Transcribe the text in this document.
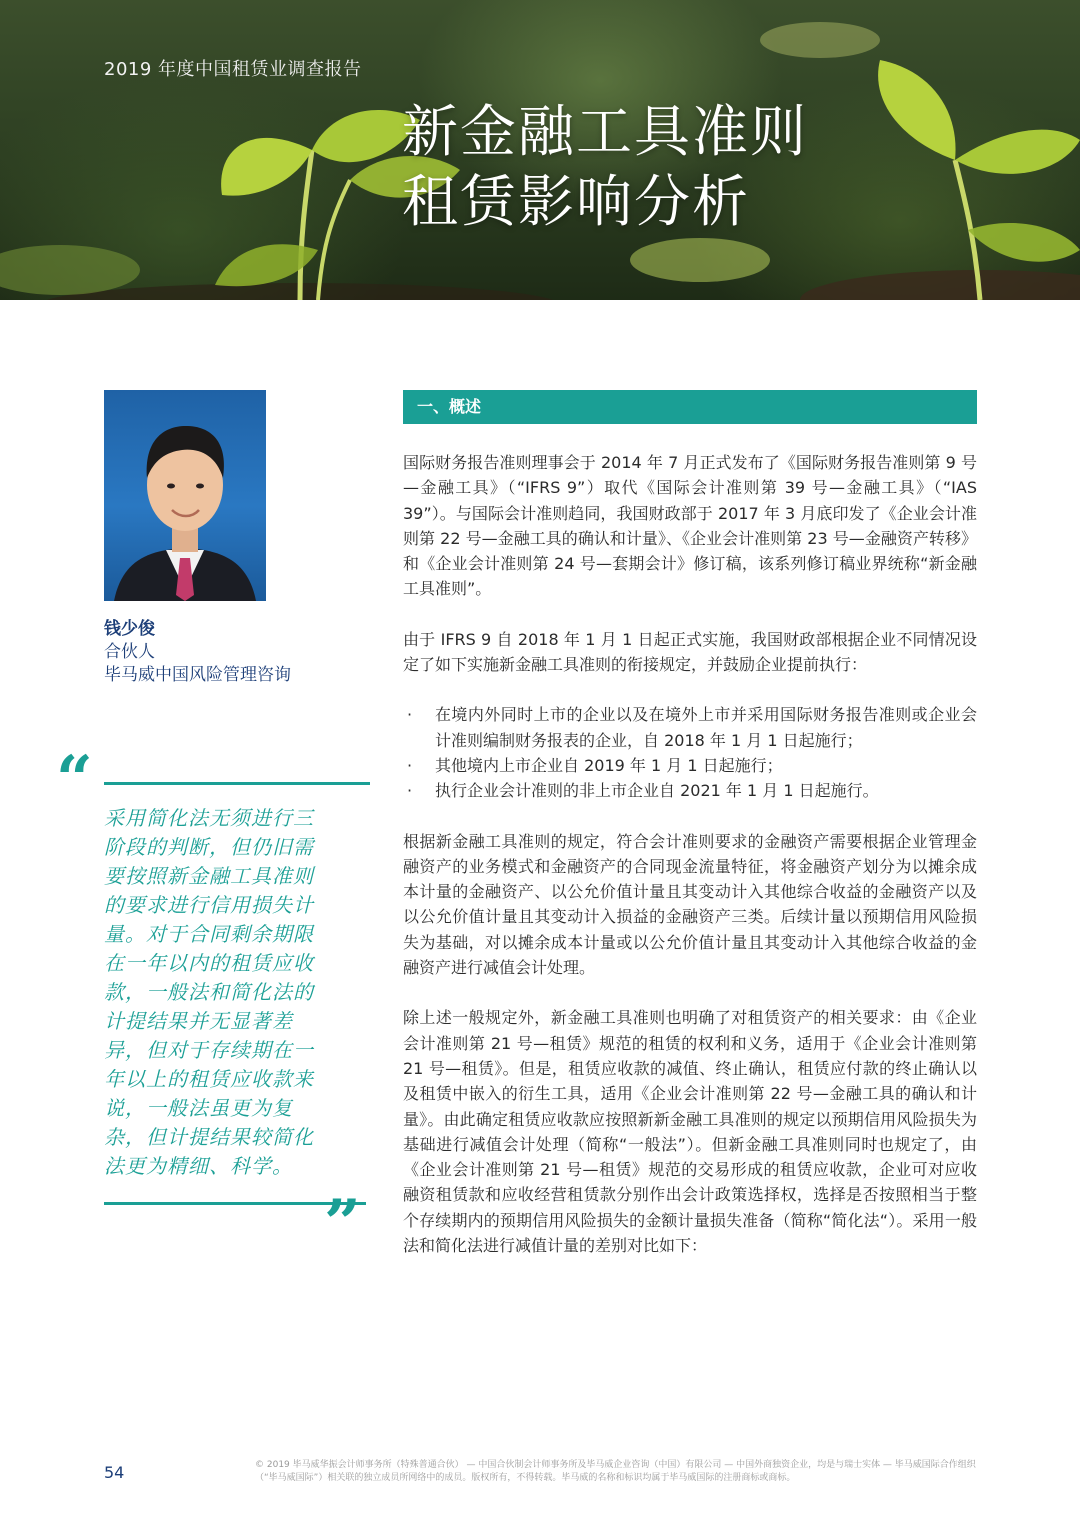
2019 年度中国租赁业调查报告
新金融工具准则
租赁影响分析
钱少俊
合伙人
毕马威中国风险管理咨询
“
采用简化法无须进行三阶段的判断，但仍旧需要按照新金融工具准则的要求进行信用损失计量。对于合同剩余期限在一年以内的租赁应收款，一般法和简化法的计提结果并无显著差异，但对于存续期在一年以上的租赁应收款来说，一般法虽更为复杂，但计提结果较简化法更为精细、科学。
”
一、概述

国际财务报告准则理事会于 2014 年 7 月正式发布了《国际财务报告准则第 9 号—金融工具》（“IFRS 9”）取代《国际会计准则第 39 号—金融工具》（“IAS 39”）。与国际会计准则趋同，我国财政部于 2017 年 3 月底印发了《企业会计准则第 22 号—金融工具的确认和计量》、《企业会计准则第 23 号—金融资产转移》和《企业会计准则第 24 号—套期会计》修订稿，该系列修订稿业界统称“新金融工具准则”。

由于 IFRS 9 自 2018 年 1 月 1 日起正式实施，我国财政部根据企业不同情况设定了如下实施新金融工具准则的衔接规定，并鼓励企业提前执行：

· 在境内外同时上市的企业以及在境外上市并采用国际财务报告准则或企业会计准则编制财务报表的企业，自 2018 年 1 月 1 日起施行；
· 其他境内上市企业自 2019 年 1 月 1 日起施行；
· 执行企业会计准则的非上市企业自 2021 年 1 月 1 日起施行。

根据新金融工具准则的规定，符合会计准则要求的金融资产需要根据企业管理金融资产的业务模式和金融资产的合同现金流量特征，将金融资产划分为以摊余成本计量的金融资产、以公允价值计量且其变动计入其他综合收益的金融资产以及以公允价值计量且其变动计入损益的金融资产三类。后续计量以预期信用风险损失为基础，对以摊余成本计量或以公允价值计量且其变动计入其他综合收益的金融资产进行减值会计处理。

除上述一般规定外，新金融工具准则也明确了对租赁资产的相关要求：由《企业会计准则第 21 号—租赁》规范的租赁的权利和义务，适用于《企业会计准则第 21 号—租赁》。但是，租赁应收款的减值、终止确认，租赁应付款的终止确认以及租赁中嵌入的衍生工具，适用《企业会计准则第 22 号—金融工具的确认和计量》。由此确定租赁应收款应按照新新金融工具准则的规定以预期信用风险损失为基础进行减值会计处理（简称“一般法”）。但新金融工具准则同时也规定了，由《企业会计准则第 21 号—租赁》规范的交易形成的租赁应收款，企业可对应收融资租赁款和应收经营租赁款分别作出会计政策选择权，选择是否按照相当于整个存续期内的预期信用风险损失的金额计量损失准备（简称“简化法“）。采用一般法和简化法进行减值计量的差别对比如下：

54	© 2019 毕马威华振会计师事务所（特殊普通合伙） — 中国合伙制会计师事务所及毕马威企业咨询（中国）有限公司 — 中国外商独资企业，均是与瑞士实体 — 毕马威国际合作组织（“毕马威国际”）相关联的独立成员所网络中的成员。版权所有，不得转载。毕马威的名称和标识均属于毕马威国际的注册商标或商标。
